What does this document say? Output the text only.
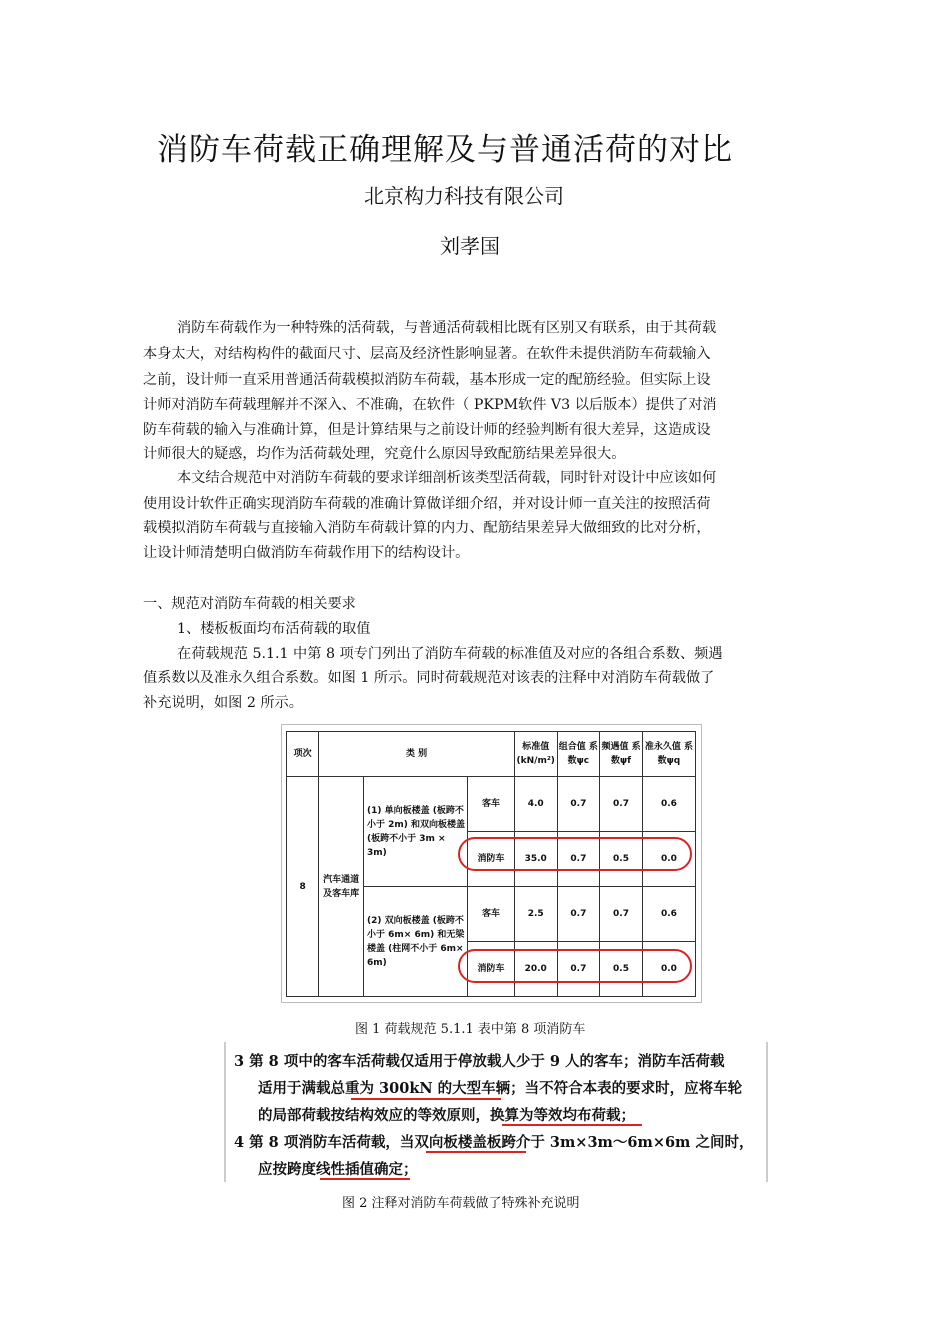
消防车荷载正确理解及与普通活荷的对比
北京构力科技有限公司
刘孝国
消防车荷载作为一种特殊的活荷载，与普通活荷载相比既有区别又有联系，由于其荷载
本身太大，对结构构件的截面尺寸、层高及经济性影响显著。在软件未提供消防车荷载输入
之前，设计师一直采用普通活荷载模拟消防车荷载，基本形成一定的配筋经验。但实际上设
计师对消防车荷载理解并不深入、不准确，在软件（ PKPM软件 V3 以后版本）提供了对消
防车荷载的输入与准确计算，但是计算结果与之前设计师的经验判断有很大差异，这造成设
计师很大的疑惑，均作为活荷载处理，究竟什么原因导致配筋结果差异很大。
本文结合规范中对消防车荷载的要求详细剖析该类型活荷载，同时针对设计中应该如何
使用设计软件正确实现消防车荷载的准确计算做详细介绍，并对设计师一直关注的按照活荷
载模拟消防车荷载与直接输入消防车荷载计算的内力、配筋结果差异大做细致的比对分析，
让设计师清楚明白做消防车荷载作用下的结构设计。
一、规范对消防车荷载的相关要求
1、楼板板面均布活荷载的取值
在荷载规范 5.1.1 中第 8 项专门列出了消防车荷载的标准值及对应的各组合系数、频遇
值系数以及准永久组合系数。如图 1 所示。同时荷载规范对该表的注释中对消防车荷载做了
补充说明，如图 2 所示。
项次	类 别			标准值 (kN/m²)	组合值 系数ψc	频遇值 系数ψf	准永久值 系数ψq
8	汽车通道及客车库	(1) 单向板楼盖 (板跨不小于 2m) 和双向板楼盖 (板跨不小于 3m × 3m)	客车	4.0	0.7	0.7	0.6
			消防车	35.0	0.7	0.5	0.0
		(2) 双向板楼盖 (板跨不小于 6m× 6m) 和无梁楼盖 (柱网不小于 6m× 6m)	客车	2.5	0.7	0.7	0.6
			消防车	20.0	0.7	0.5	0.0
图 1 荷载规范 5.1.1 表中第 8 项消防车
3 第 8 项中的客车活荷载仅适用于停放载人少于 9 人的客车；消防车活荷载
适用于满载总重为 300kN 的大型车辆；当不符合本表的要求时，应将车轮
的局部荷载按结构效应的等效原则，换算为等效均布荷载；
4 第 8 项消防车活荷载，当双向板楼盖板跨介于 3m×3m～6m×6m 之间时，
应按跨度线性插值确定；
图 2 注释对消防车荷载做了特殊补充说明
